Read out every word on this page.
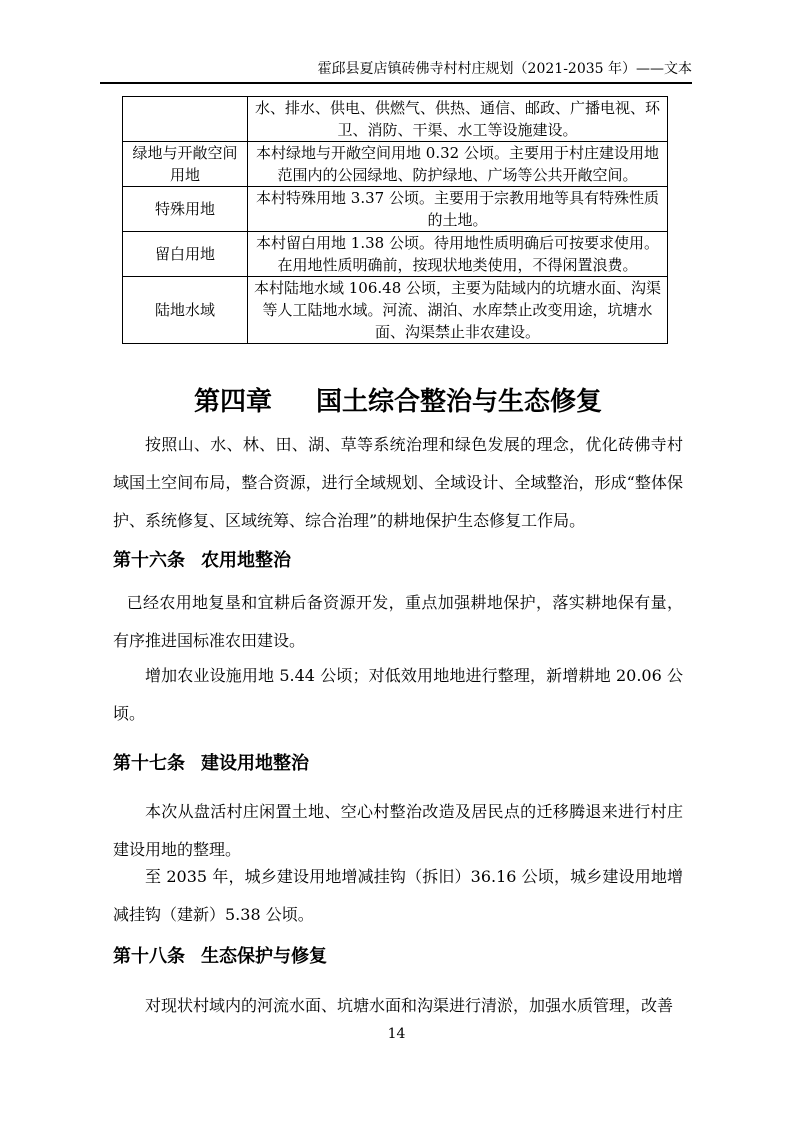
霍邱县夏店镇砖佛寺村村庄规划（2021-2035 年）——文本
	水、排水、供电、供燃气、供热、通信、邮政、广播电视、环卫、消防、干渠、水工等设施建设。
绿地与开敞空间用地	本村绿地与开敞空间用地 0.32 公顷。主要用于村庄建设用地范围内的公园绿地、防护绿地、广场等公共开敞空间。
特殊用地	本村特殊用地 3.37 公顷。主要用于宗教用地等具有特殊性质的土地。
留白用地	本村留白用地 1.38 公顷。待用地性质明确后可按要求使用。在用地性质明确前，按现状地类使用，不得闲置浪费。
陆地水域	本村陆地水域 106.48 公顷，主要为陆域内的坑塘水面、沟渠等人工陆地水域。河流、湖泊、水库禁止改变用途，坑塘水面、沟渠禁止非农建设。
第四章 国土综合整治与生态修复

按照山、水、林、田、湖、草等系统治理和绿色发展的理念，优化砖佛寺村域国土空间布局，整合资源，进行全域规划、全域设计、全域整治，形成“整体保护、系统修复、区域统筹、综合治理”的耕地保护生态修复工作局。

第十六条 农用地整治

已经农用地复垦和宜耕后备资源开发，重点加强耕地保护，落实耕地保有量，有序推进国标准农田建设。

增加农业设施用地 5.44 公顷；对低效用地地进行整理，新增耕地 20.06 公顷。

第十七条 建设用地整治

本次从盘活村庄闲置土地、空心村整治改造及居民点的迁移腾退来进行村庄建设用地的整理。

至 2035 年，城乡建设用地增减挂钩（拆旧）36.16 公顷，城乡建设用地增减挂钩（建新）5.38 公顷。

第十八条 生态保护与修复

对现状村域内的河流水面、坑塘水面和沟渠进行清淤，加强水质管理，改善

14
